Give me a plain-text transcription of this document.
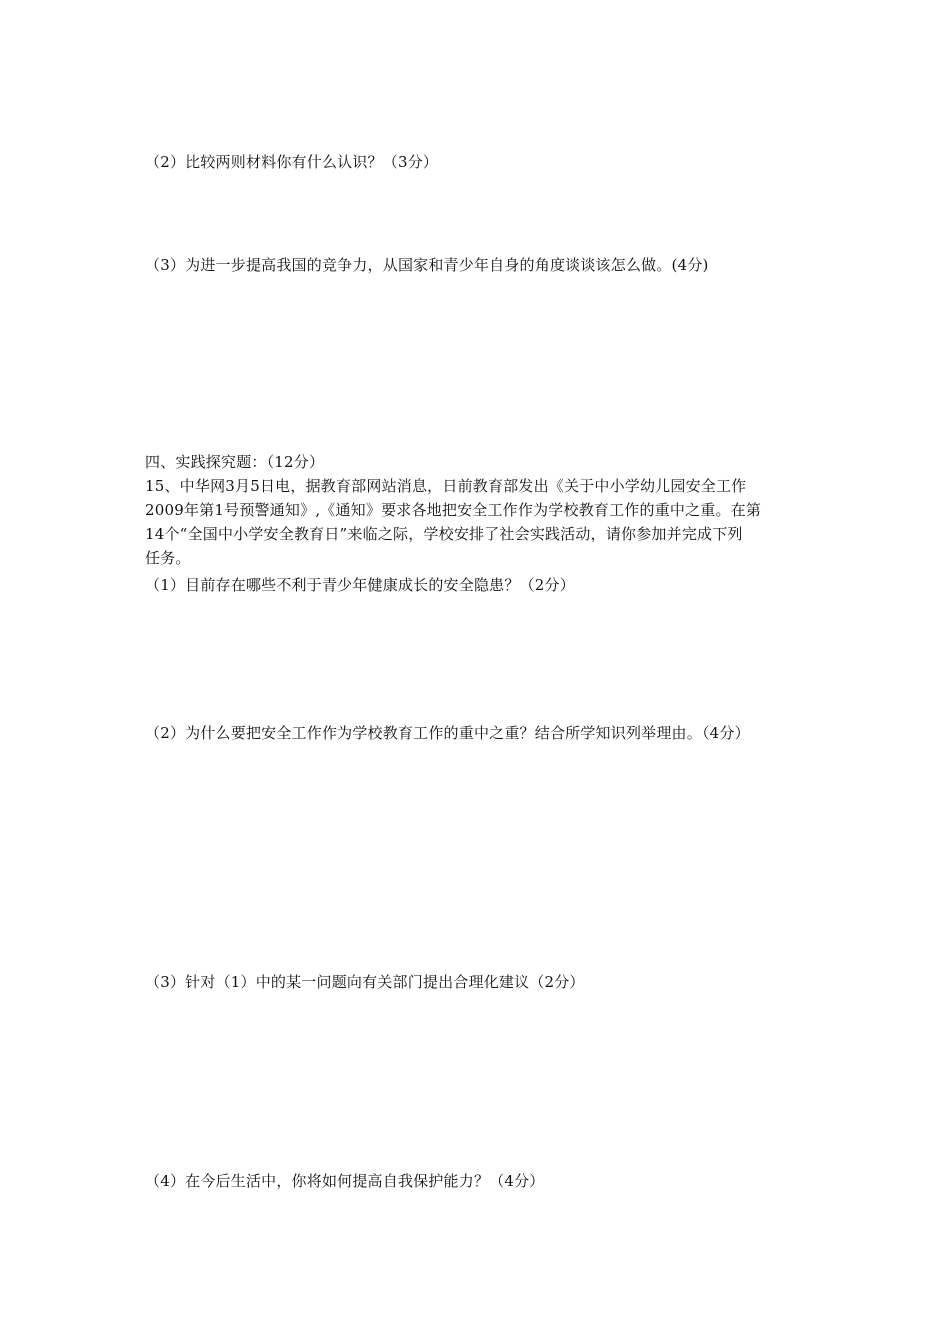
（2）比较两则材料你有什么认识？（3分）
（3）为进一步提高我国的竞争力，从国家和青少年自身的角度谈谈该怎么做。(4分)
四、实践探究题：（12分）
15、中华网3月5日电，据教育部网站消息，日前教育部发出《关于中小学幼儿园安全工作
2009年第1号预警通知》,《通知》要求各地把安全工作作为学校教育工作的重中之重。在第
14个“全国中小学安全教育日”来临之际，学校安排了社会实践活动，请你参加并完成下列
任务。
（1）目前存在哪些不利于青少年健康成长的安全隐患？（2分）
（2）为什么要把安全工作作为学校教育工作的重中之重？结合所学知识列举理由。（4分）
（3）针对（1）中的某一问题向有关部门提出合理化建议（2分）
（4）在今后生活中，你将如何提高自我保护能力？（4分）
